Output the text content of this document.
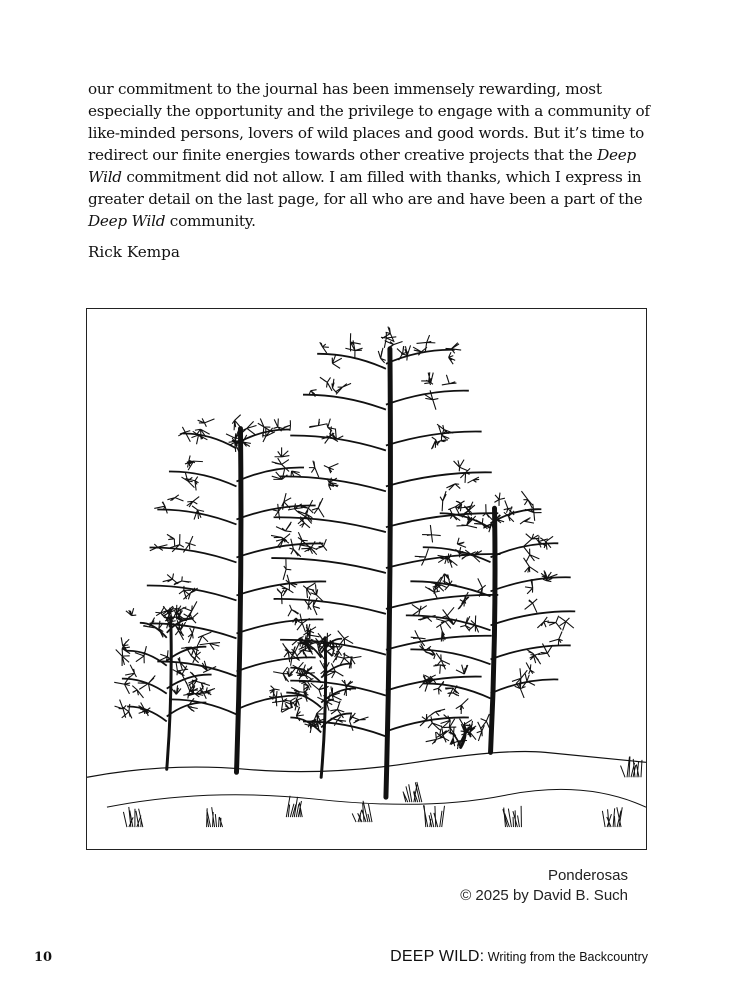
our commitment to the journal has been immensely rewarding, most especially the opportunity and the privilege to engage with a community of like-minded persons, lovers of wild places and good words. But it’s time to redirect our finite energies towards other creative projects that the Deep Wild commitment did not allow. I am filled with thanks, which I express in greater detail on the last page, for all who are and have been a part of the Deep Wild community.

Rick Kempa

Ponderosas
© 2025 by David B. Such
10	DEEP WILD: Writing from the Backcountry
